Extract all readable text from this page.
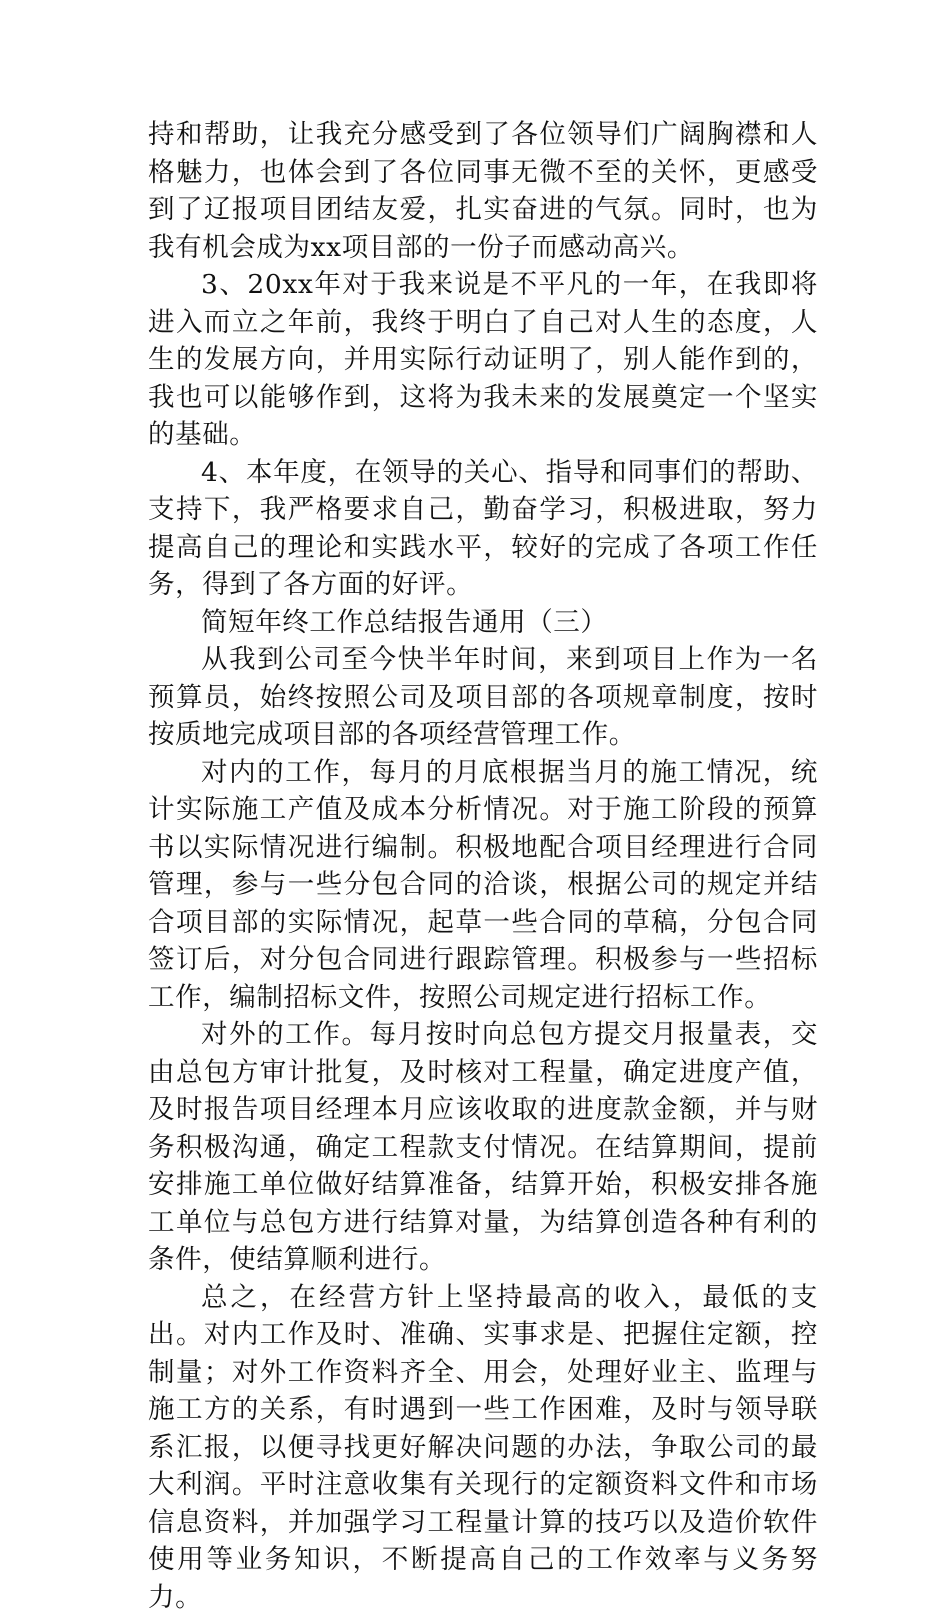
持和帮助，让我充分感受到了各位领导们广阔胸襟和人格魅力，也体会到了各位同事无微不至的关怀，更感受到了辽报项目团结友爱，扎实奋进的气氛。同时，也为我有机会成为xx项目部的一份子而感动高兴。

3、20xx年对于我来说是不平凡的一年，在我即将进入而立之年前，我终于明白了自己对人生的态度，人生的发展方向，并用实际行动证明了，别人能作到的，我也可以能够作到，这将为我未来的发展奠定一个坚实的基础。

4、本年度，在领导的关心、指导和同事们的帮助、支持下，我严格要求自己，勤奋学习，积极进取，努力提高自己的理论和实践水平，较好的完成了各项工作任务，得到了各方面的好评。

简短年终工作总结报告通用（三）

从我到公司至今快半年时间，来到项目上作为一名预算员，始终按照公司及项目部的各项规章制度，按时按质地完成项目部的各项经营管理工作。

对内的工作，每月的月底根据当月的施工情况，统计实际施工产值及成本分析情况。对于施工阶段的预算书以实际情况进行编制。积极地配合项目经理进行合同管理，参与一些分包合同的洽谈，根据公司的规定并结合项目部的实际情况，起草一些合同的草稿，分包合同签订后，对分包合同进行跟踪管理。积极参与一些招标工作，编制招标文件，按照公司规定进行招标工作。

对外的工作。每月按时向总包方提交月报量表，交由总包方审计批复，及时核对工程量，确定进度产值，及时报告项目经理本月应该收取的进度款金额，并与财务积极沟通，确定工程款支付情况。在结算期间，提前安排施工单位做好结算准备，结算开始，积极安排各施工单位与总包方进行结算对量，为结算创造各种有利的条件，使结算顺利进行。

总之，在经营方针上坚持最高的收入，最低的支出。对内工作及时、准确、实事求是、把握住定额，控制量；对外工作资料齐全、用会，处理好业主、监理与施工方的关系，有时遇到一些工作困难，及时与领导联系汇报，以便寻找更好解决问题的办法，争取公司的最大利润。平时注意收集有关现行的定额资料文件和市场信息资料，并加强学习工程量计算的技巧以及造价软件使用等业务知识，不断提高自己的工作效率与义务努力。
